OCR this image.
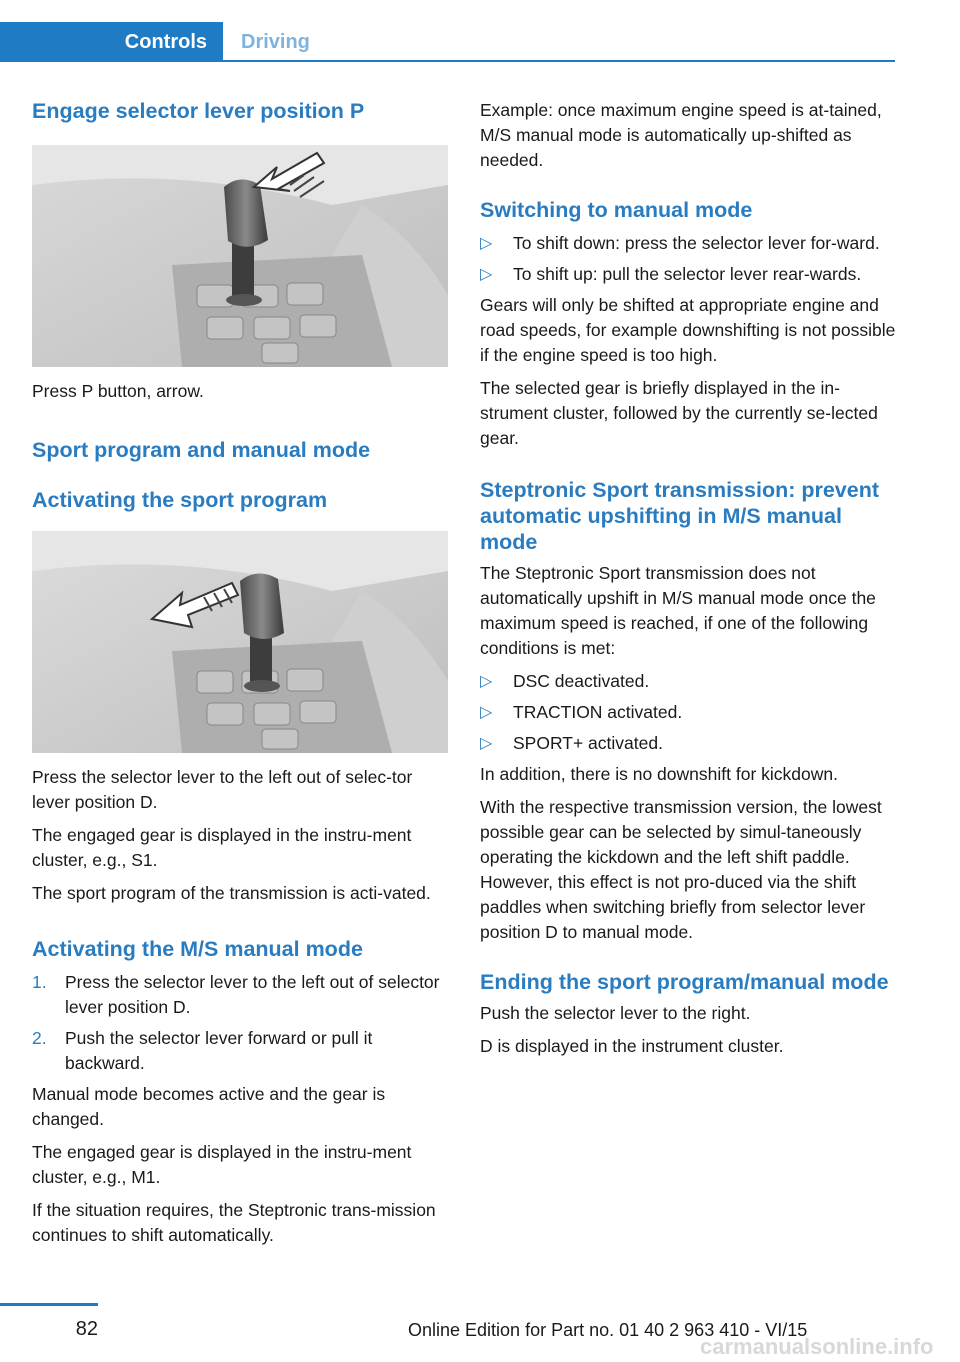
Controls Driving
Engage selector lever position P

Press P button, arrow.

Sport program and manual mode
Activating the sport program

Press the selector lever to the left out of selec-tor lever position D.

The engaged gear is displayed in the instru-ment cluster, e.g., S1.

The sport program of the transmission is acti-vated.

Activating the M/S manual mode
1. Press the selector lever to the left out of selector lever position D.
2. Push the selector lever forward or pull it backward.

Manual mode becomes active and the gear is changed.

The engaged gear is displayed in the instru-ment cluster, e.g., M1.

If the situation requires, the Steptronic trans-mission continues to shift automatically.

Example: once maximum engine speed is at-tained, M/S manual mode is automatically up-shifted as needed.

Switching to manual mode
▷ To shift down: press the selector lever for-ward.
▷ To shift up: pull the selector lever rear-wards.

Gears will only be shifted at appropriate engine and road speeds, for example downshifting is not possible if the engine speed is too high.

The selected gear is briefly displayed in the in-strument cluster, followed by the currently se-lected gear.

Steptronic Sport transmission: prevent automatic upshifting in M/S manual mode

The Steptronic Sport transmission does not automatically upshift in M/S manual mode once the maximum speed is reached, if one of the following conditions is met:

▷ DSC deactivated.
▷ TRACTION activated.
▷ SPORT+ activated.

In addition, there is no downshift for kickdown.

With the respective transmission version, the lowest possible gear can be selected by simul-taneously operating the kickdown and the left shift paddle. However, this effect is not pro-duced via the shift paddles when switching briefly from selector lever position D to manual mode.

Ending the sport program/manual mode

Push the selector lever to the right.

D is displayed in the instrument cluster.

82	Online Edition for Part no. 01 40 2 963 410 - VI/15
carmanualsonline.info
